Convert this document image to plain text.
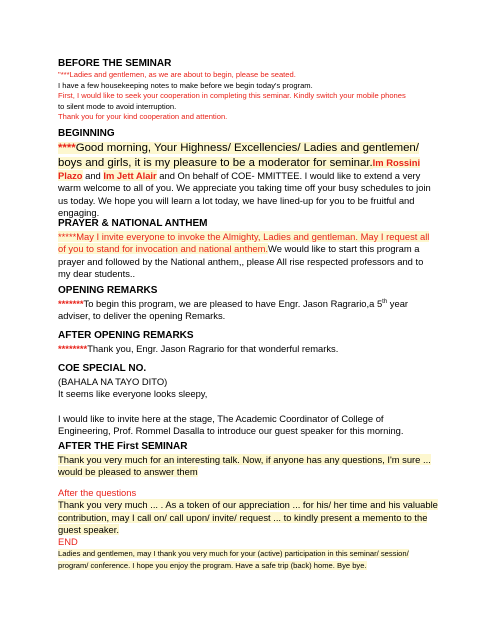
BEFORE THE SEMINAR

"***Ladies and gentlemen, as we are about to begin, please be seated.

I have a few housekeeping notes to make before we begin today's program.

First, I would like to seek your cooperation in completing this seminar. Kindly switch your mobile phones

to silent mode to avoid interruption.

Thank you for your kind cooperation and attention.

BEGINNING

****Good morning, Your Highness/ Excellencies/ Ladies and gentlemen/ boys and girls, it is my pleasure to be a moderator for seminar.Im Rossini Plazo and Im Jett Alair and On behalf of COE- MMITTEE. I would like to extend a very warm welcome to all of you. We appreciate you taking time off your busy schedules to join us today. We hope you will learn a lot today, we have lined-up for you to be fruitful and engaging.

PRAYER & NATIONAL ANTHEM

*****May I invite everyone to invoke the Almighty, Ladies and gentleman. May I request all of you to stand for invocation and national anthem.We would like to start this program a prayer and followed by the National anthem,, please All rise respected professors and to my dear students..

OPENING REMARKS

*******To begin this program, we are pleased to have Engr. Jason Ragrario,a 5th year adviser, to deliver the opening Remarks.

AFTER OPENING REMARKS

********Thank you, Engr. Jason Ragrario for that wonderful remarks.

COE SPECIAL NO.

(BAHALA NA TAYO DITO)

It seems like everyone looks sleepy,

I would like to invite here at the stage, The Academic Coordinator of College of Engineering, Prof. Rommel Dasalla to introduce our guest speaker for this morning.

AFTER THE First SEMINAR

Thank you very much for an interesting talk. Now, if anyone has any questions, I'm sure ... would be pleased to answer them

After the questions

Thank you very much ... . As a token of our appreciation ... for his/ her time and his valuable contribution, may I call on/ call upon/ invite/ request ... to kindly present a memento to the guest speaker.

END

Ladies and gentlemen, may I thank you very much for your (active) participation in this seminar/ session/ program/ conference. I hope you enjoy the program. Have a safe trip (back) home. Bye bye.
